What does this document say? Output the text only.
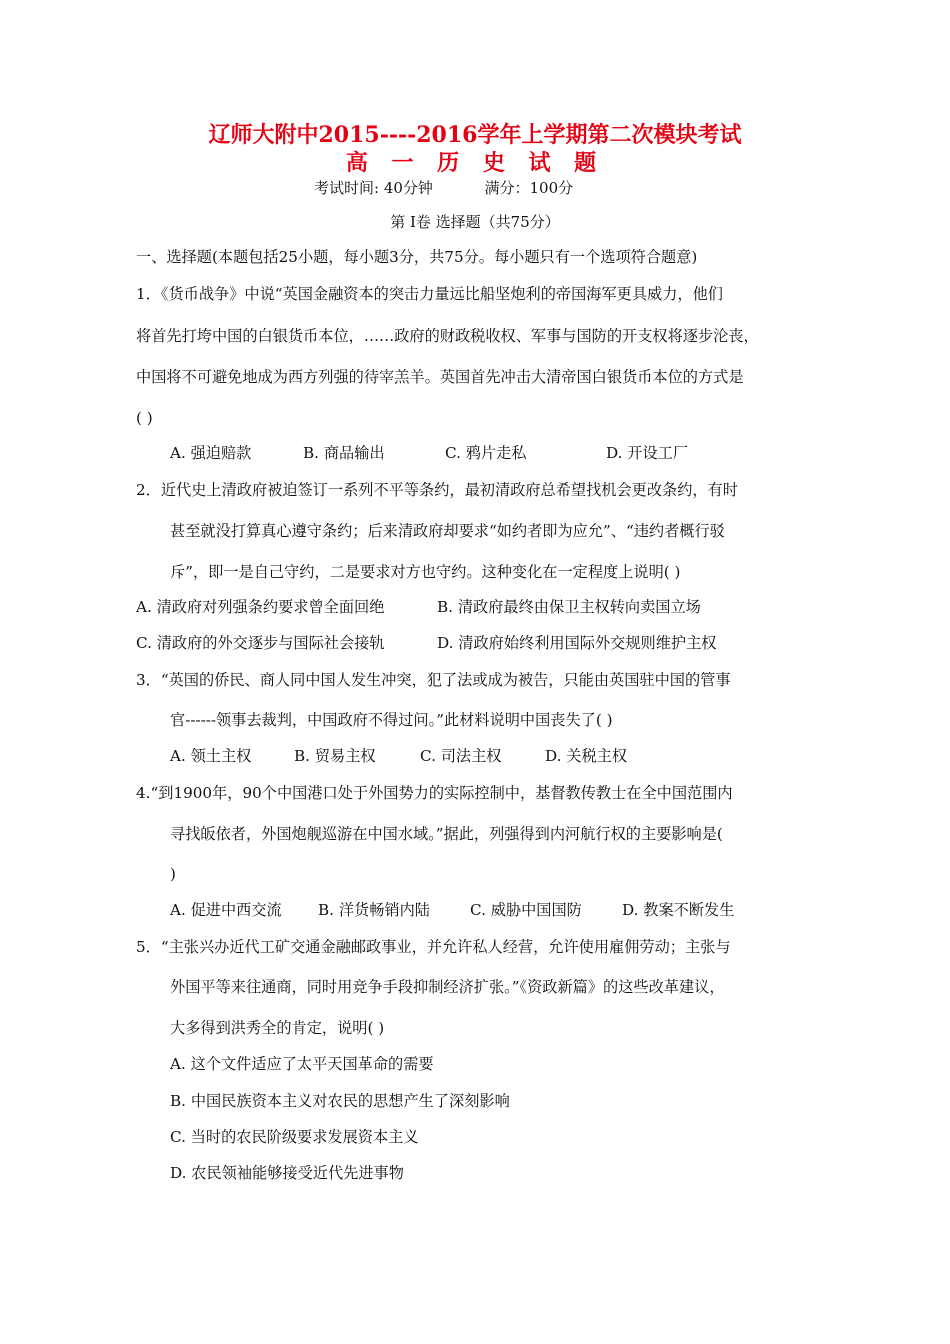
辽师大附中2015----2016学年上学期第二次模块考试
高 一 历 史 试 题
考试时间: 40分钟	满分：100分
第 Ⅰ卷 选择题（共75分）
一、选择题(本题包括25小题，每小题3分，共75分。每小题只有一个选项符合题意)
1．《货币战争》中说“英国金融资本的突击力量远比船坚炮利的帝国海军更具威力，他们
将首先打垮中国的白银货币本位，……政府的财政税收权、军事与国防的开支权将逐步沦丧，
中国将不可避免地成为西方列强的待宰羔羊。英国首先冲击大清帝国白银货币本位的方式是
( )
A. 强迫赔款	B. 商品输出	C. 鸦片走私	D. 开设工厂
2．近代史上清政府被迫签订一系列不平等条约，最初清政府总希望找机会更改条约，有时
甚至就没打算真心遵守条约；后来清政府却要求“如约者即为应允”、“违约者概行驳
斥”，即一是自己守约，二是要求对方也守约。这种变化在一定程度上说明( )
A. 清政府对列强条约要求曾全面回绝	B. 清政府最终由保卫主权转向卖国立场
C. 清政府的外交逐步与国际社会接轨	D. 清政府始终利用国际外交规则维护主权
3．“英国的侨民、商人同中国人发生冲突，犯了法或成为被告，只能由英国驻中国的管事
官------领事去裁判，中国政府不得过问。”此材料说明中国丧失了( )
A. 领土主权	B. 贸易主权	C. 司法主权	D. 关税主权
4.“到1900年，90个中国港口处于外国势力的实际控制中，基督教传教士在全中国范围内
寻找皈依者，外国炮舰巡游在中国水域。”据此，列强得到内河航行权的主要影响是(
)
A. 促进中西交流 B. 洋货畅销内陆	C. 威胁中国国防	D. 教案不断发生
5．“主张兴办近代工矿交通金融邮政事业，并允许私人经营，允许使用雇佣劳动；主张与
外国平等来往通商，同时用竞争手段抑制经济扩张。”《资政新篇》的这些改革建议，
大多得到洪秀全的肯定，说明( )
A. 这个文件适应了太平天国革命的需要
B. 中国民族资本主义对农民的思想产生了深刻影响
C. 当时的农民阶级要求发展资本主义
D. 农民领袖能够接受近代先进事物
